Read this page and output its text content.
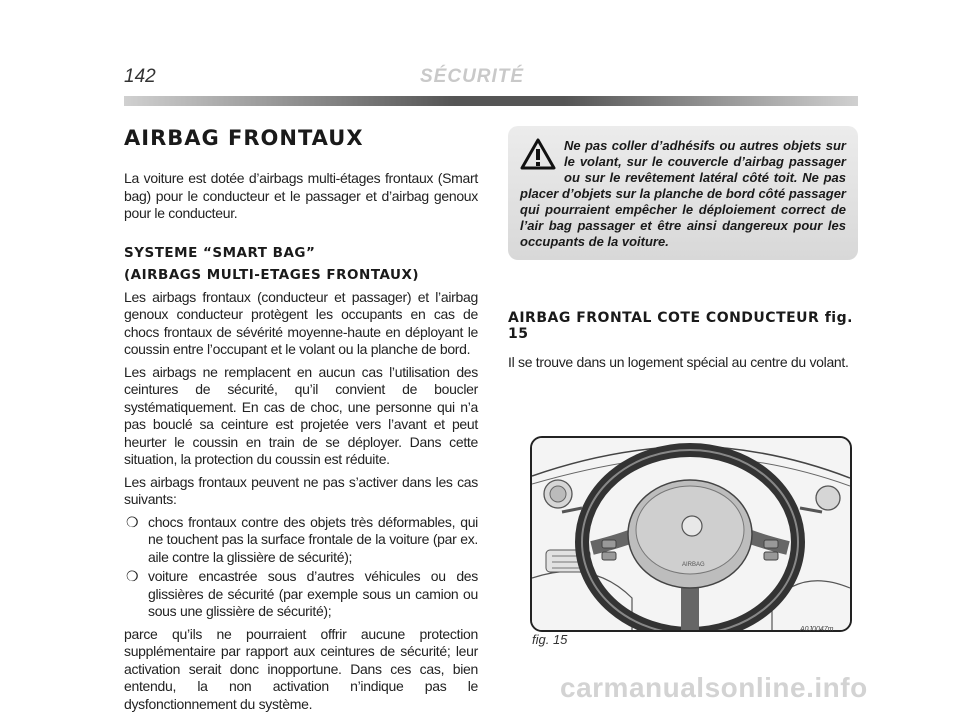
142	SÉCURITÉ
AIRBAG FRONTAUX

La voiture est dotée d’airbags multi-étages frontaux (Smart bag) pour le conducteur et le passager et d’airbag genoux pour le conducteur.

SYSTEME “SMART BAG”
(AIRBAGS MULTI-ETAGES FRONTAUX)

Les airbags frontaux (conducteur et passager) et l’airbag genoux conducteur protègent les occupants en cas de chocs frontaux de sévérité moyenne-haute en déployant le coussin entre l’occupant et le volant ou la planche de bord.

Les airbags ne remplacent en aucun cas l’utilisation des ceintures de sécurité, qu’il convient de boucler systématiquement. En cas de choc, une personne qui n’a pas bouclé sa ceinture est projetée vers l’avant et peut heurter le coussin en train de se déployer. Dans cette situation, la protection du coussin est réduite.

Les airbags frontaux peuvent ne pas s’activer dans les cas suivants:

❍ chocs frontaux contre des objets très déformables, qui ne touchent pas la surface frontale de la voiture (par ex. aile contre la glissière de sécurité);
❍ voiture encastrée sous d’autres véhicules ou des glissières de sécurité (par exemple sous un camion ou sous une glissière de sécurité);

parce qu’ils ne pourraient offrir aucune protection supplémentaire par rapport aux ceintures de sécurité; leur activation serait donc inopportune. Dans ces cas, bien entendu, la non activation n’indique pas le dysfonctionnement du système.

Ne pas coller d’adhésifs ou autres objets sur le volant, sur le couvercle d’airbag passager ou sur le revêtement latéral côté toit. Ne pas placer d’objets sur la planche de bord côté passager qui pourraient empêcher le déploiement correct de l’air bag passager et être ainsi dangereux pour les occupants de la voiture.
AIRBAG FRONTAL COTE CONDUCTEUR fig. 15

Il se trouve dans un logement spécial au centre du volant.

AIRBAG
fig. 15
A0J0047m
carmanualsonline.info
